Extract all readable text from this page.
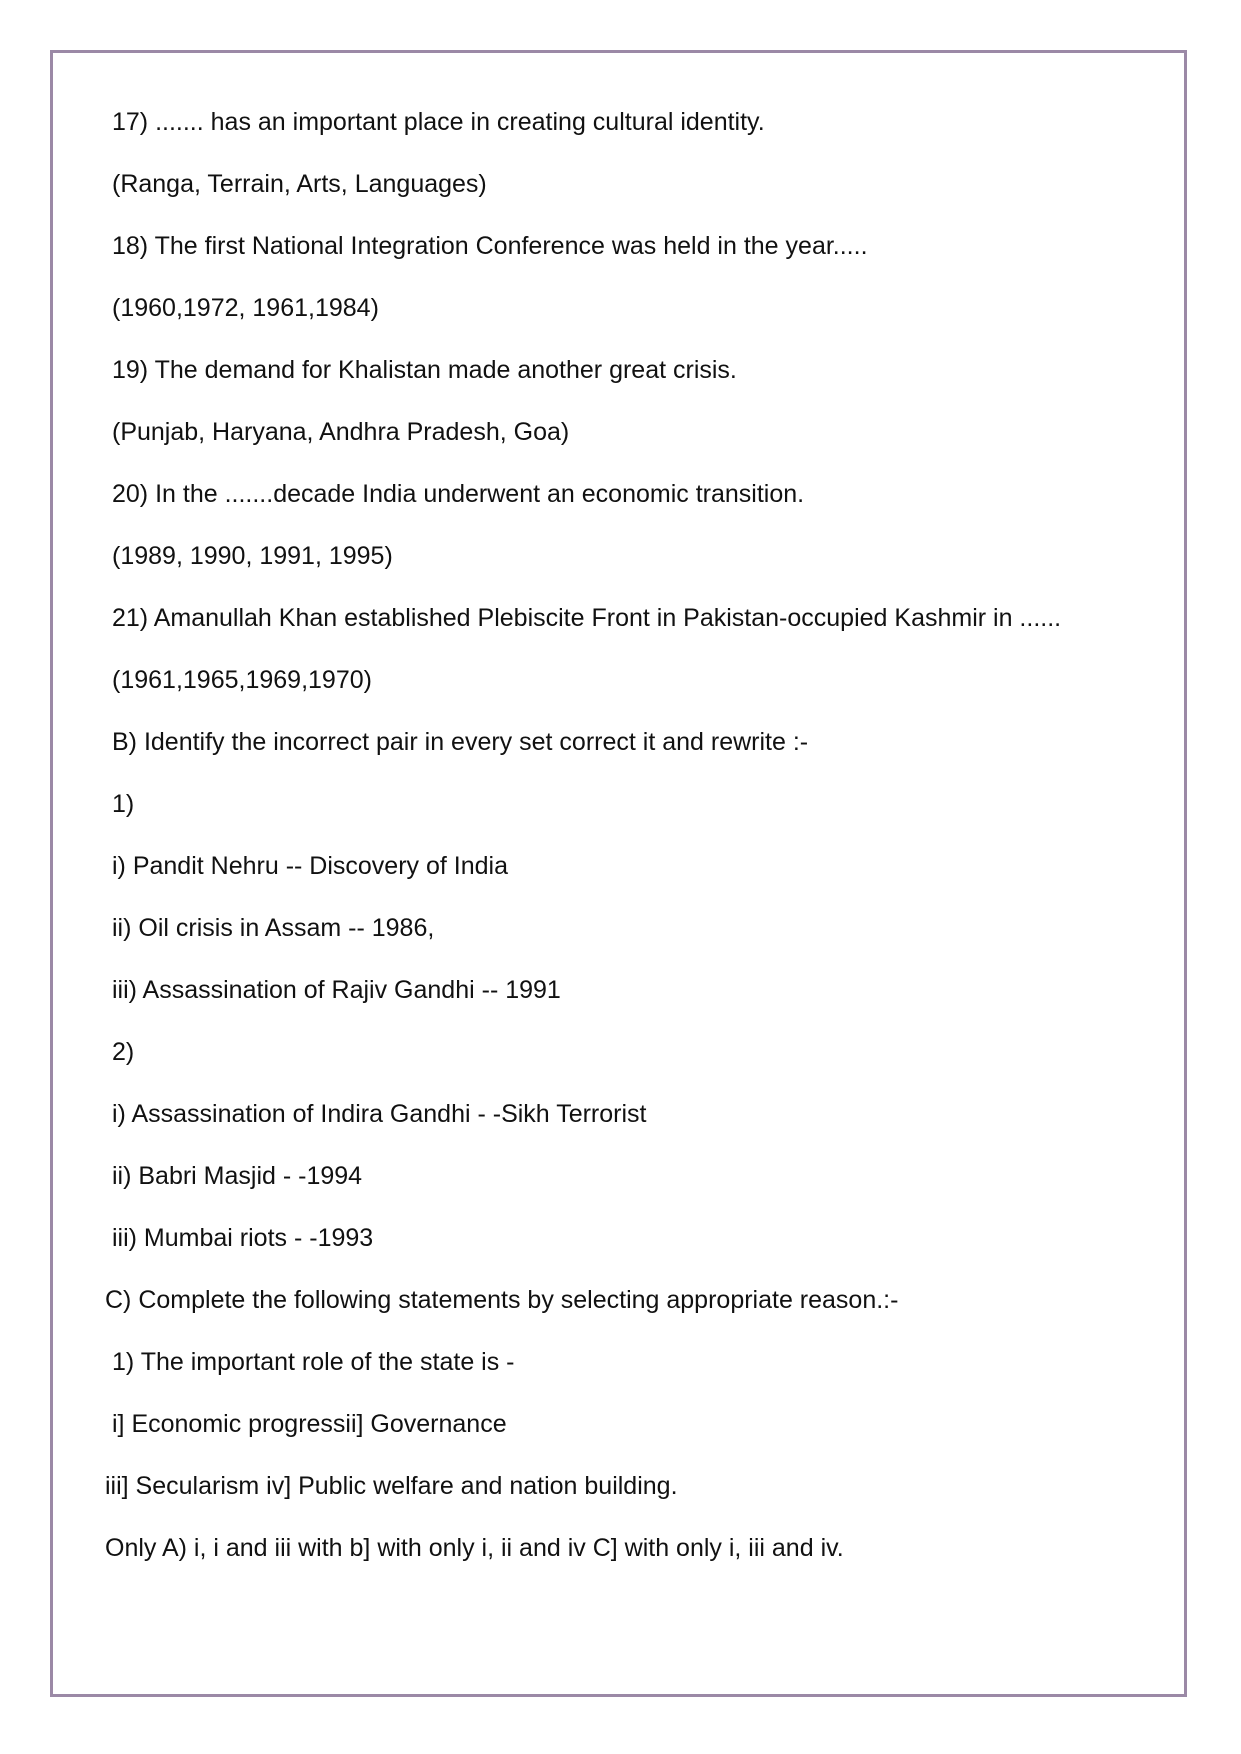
17) ....... has an important place in creating cultural identity.
(Ranga, Terrain, Arts, Languages)
18) The first National Integration Conference was held in the year.....
(1960,1972, 1961,1984)
19) The demand for Khalistan made another great crisis.
(Punjab, Haryana, Andhra Pradesh, Goa)
20) In the .......decade India underwent an economic transition.
(1989, 1990, 1991, 1995)
21) Amanullah Khan established Plebiscite Front in Pakistan-occupied Kashmir in ......
(1961,1965,1969,1970)
B) Identify the incorrect pair in every set correct it and rewrite :-
1)
i) Pandit Nehru -- Discovery of India
ii) Oil crisis in Assam -- 1986,
iii) Assassination of Rajiv Gandhi -- 1991
2)
i) Assassination of Indira Gandhi - -Sikh Terrorist
ii) Babri Masjid - -1994
iii) Mumbai riots - -1993
C) Complete the following statements by selecting appropriate reason.:-
1) The important role of the state is -
i] Economic progressii] Governance
iii] Secularism iv] Public welfare and nation building.
Only A) i, i and iii with b] with only i, ii and iv C] with only i, iii and iv.
